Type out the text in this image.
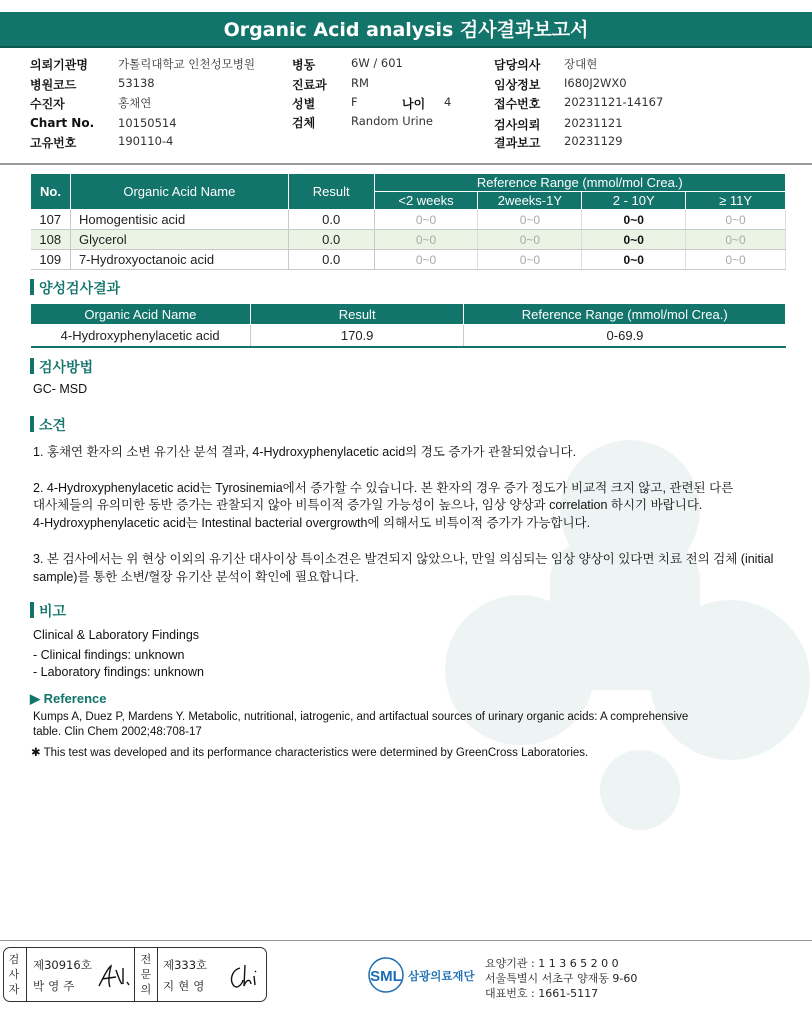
Organic Acid analysis 검사결과보고서
의뢰기관명	가톨릭대학교 인천성모병원
병원코드	53138
수진자	홍채연
Chart No. 10150514
고유번호	190110-4
병동	6W / 601
진료과 RM
성별	F	나이 4
검체	Random Urine
담당의사 장대현
임상정보 I680J2WX0
접수번호 20231121-14167
검사의뢰 20231121
결과보고 20231129
No.	Organic Acid Name	Result	Reference Range (mmol/mol Crea.)			
			<2 weeks	2weeks-1Y	2 - 10Y	≥ 11Y
107	Homogentisic acid	0.0	0~0	0~0	0~0	0~0
108	Glycerol	0.0	0~0	0~0	0~0	0~0
109	7-Hydroxyoctanoic acid	0.0	0~0	0~0	0~0	0~0
양성검사결과
Organic Acid Name	Result	Reference Range (mmol/mol Crea.)
4-Hydroxyphenylacetic acid	170.9	0-69.9
검사방법
GC- MSD
소견
1. 홍채연 환자의 소변 유기산 분석 결과, 4-Hydroxyphenylacetic acid의 경도 증가가 관찰되었습니다.
2. 4-Hydroxyphenylacetic acid는 Tyrosinemia에서 증가할 수 있습니다. 본 환자의 경우 증가 정도가 비교적 크지 않고, 관련된 다른
대사체들의 유의미한 동반 증가는 관찰되지 않아 비특이적 증가일 가능성이 높으나, 임상 양상과 correlation 하시기 바랍니다.
4-Hydroxyphenylacetic acid는 Intestinal bacterial overgrowth에 의해서도 비특이적 증가가 가능합니다.
3. 본 검사에서는 위 현상 이외의 유기산 대사이상 특이소견은 발견되지 않았으나, 만일 의심되는 임상 양상이 있다면 치료 전의 검체 (initial
sample)를 통한 소변/혈장 유기산 분석이 확인에 필요합니다.
비고
Clinical & Laboratory Findings
- Clinical findings: unknown
- Laboratory findings: unknown
▶ Reference
Kumps A, Duez P, Mardens Y. Metabolic, nutritional, iatrogenic, and artifactual sources of urinary organic acids: A comprehensive
table. Clin Chem 2002;48:708-17
✱ This test was developed and its performance characteristics were determined by GreenCross Laboratories.
검사자
제30916호
박영주
전문의
제333호
지현영
SML 삼광의료재단
요양기관 : 1 1 3 6 5 2 0 0
서울특별시 서초구 양재동 9-60
대표번호 : 1661-5117
